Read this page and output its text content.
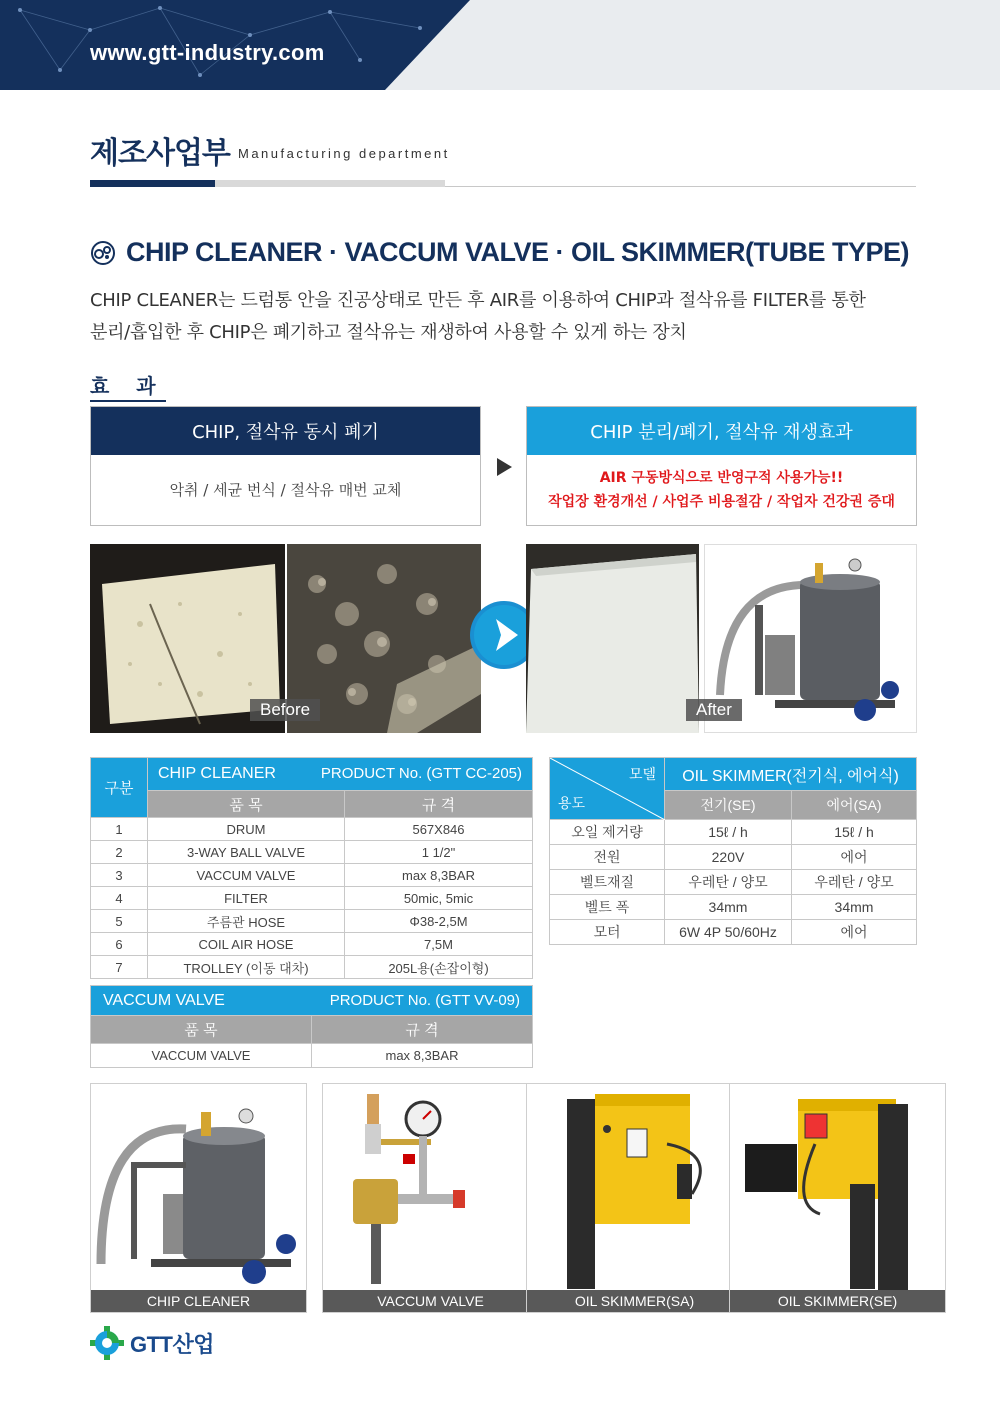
www.gtt-industry.com
제조사업부 Manufacturing department
CHIP CLEANER · VACCUM VALVE · OIL SKIMMER(TUBE TYPE)
CHIP CLEANER는 드럼통 안을 진공상태로 만든 후 AIR를 이용하여 CHIP과 절삭유를 FILTER를 통한
분리/흡입한 후 CHIP은 폐기하고 절삭유는 재생하여 사용할 수 있게 하는 장치
효 과
CHIP, 절삭유 동시 폐기
악취 / 세균 번식 / 절삭유 매번 교체
CHIP 분리/폐기, 절삭유 재생효과
AIR 구동방식으로 반영구적 사용가능!!
작업장 환경개선 / 사업주 비용절감 / 작업자 건강권 증대
Before	After
구분	CHIP CLEANER PRODUCT No. (GTT CC-205)	

	품 목	규 격
1	DRUM	567X846
2	3-WAY BALL VALVE	1 1/2"
3	VACCUM VALVE	max 8,3BAR
4	FILTER	50mic, 5mic
5	주름관 HOSE	Φ38-2,5M
6	COIL AIR HOSE	7,5M
7	TROLLEY (이동 대차)	205L용(손잡이형)
VACCUM VALVE PRODUCT No. (GTT VV-09)	

품 목	규 격
VACCUM VALVE	max 8,3BAR
모델
용도	OIL SKIMMER(전기식, 에어식)	
	전기(SE)	에어(SA)
오일 제거량	15ℓ / h	15ℓ / h
전원	220V	에어
벨트재질	우레탄 / 양모	우레탄 / 양모
벨트 폭	34mm	34mm
모터	6W 4P 50/60Hz	에어
CHIP CLEANER	VACCUM VALVE	OIL SKIMMER(SA)	OIL SKIMMER(SE)
GTT산업
